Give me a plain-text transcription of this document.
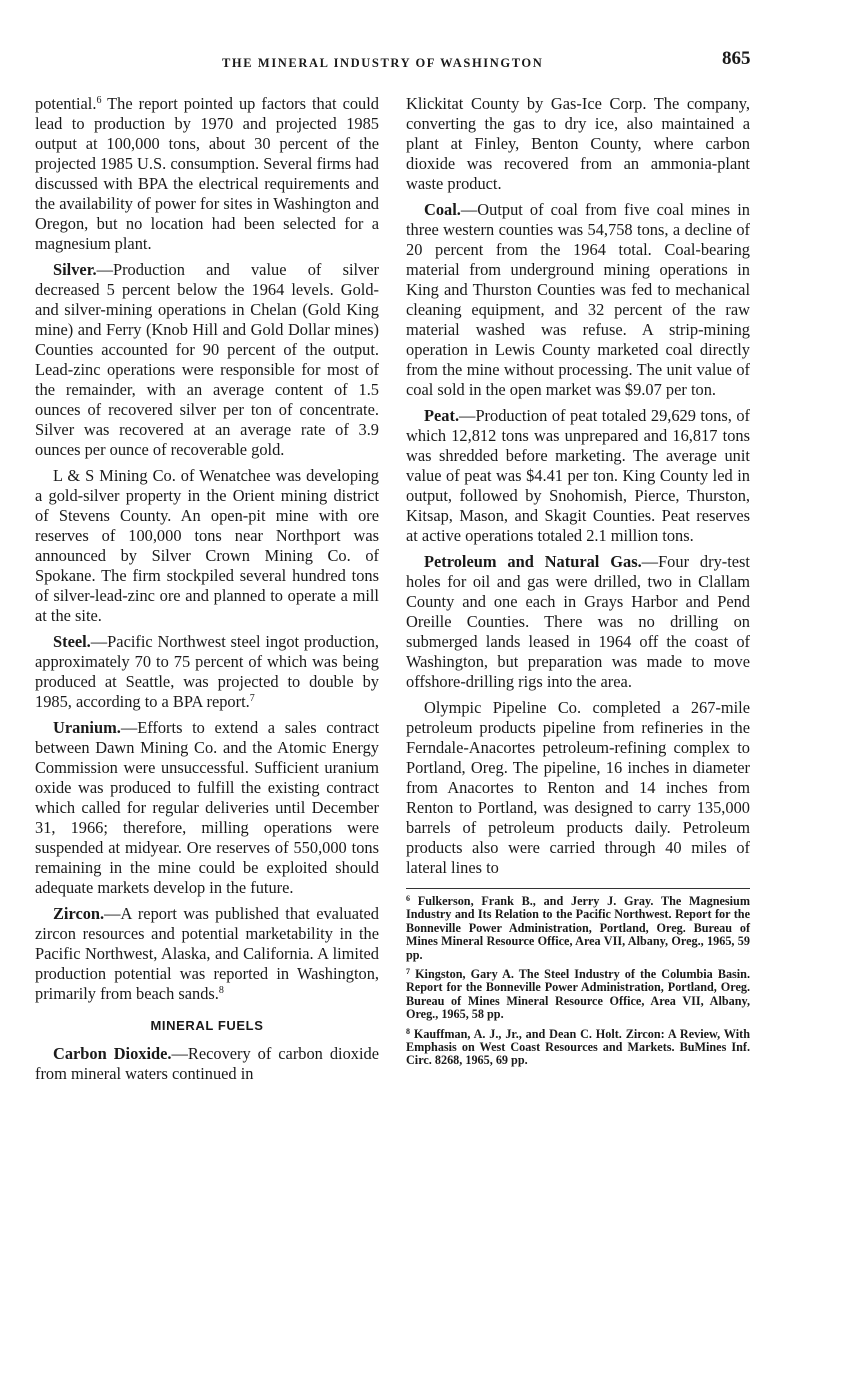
THE MINERAL INDUSTRY OF WASHINGTON	865

potential.$^6$ The report pointed up factors that could lead to production by 1970 and projected 1985 output at 100,000 tons, about 30 percent of the projected 1985 U.S. consumption. Several firms had discussed with BPA the electrical requirements and the availability of power for sites in Washington and Oregon, but no location had been selected for a magnesium plant.

Silver.—Production and value of silver decreased 5 percent below the 1964 levels. Gold- and silver-mining operations in Chelan (Gold King mine) and Ferry (Knob Hill and Gold Dollar mines) Counties accounted for 90 percent of the output. Lead-zinc operations were responsible for most of the remainder, with an average content of 1.5 ounces of recovered silver per ton of concentrate. Silver was recovered at an average rate of 3.9 ounces per ounce of recoverable gold.

L & S Mining Co. of Wenatchee was developing a gold-silver property in the Orient mining district of Stevens County. An open-pit mine with ore reserves of 100,000 tons near Northport was announced by Silver Crown Mining Co. of Spokane. The firm stockpiled several hundred tons of silver-lead-zinc ore and planned to operate a mill at the site.

Steel.—Pacific Northwest steel ingot production, approximately 70 to 75 percent of which was being produced at Seattle, was projected to double by 1985, according to a BPA report.$^7$

Uranium.—Efforts to extend a sales contract between Dawn Mining Co. and the Atomic Energy Commission were unsuccessful. Sufficient uranium oxide was produced to fulfill the existing contract which called for regular deliveries until December 31, 1966; therefore, milling operations were suspended at midyear. Ore reserves of 550,000 tons remaining in the mine could be exploited should adequate markets develop in the future.

Zircon.—A report was published that evaluated zircon resources and potential marketability in the Pacific Northwest, Alaska, and California. A limited production potential was reported in Washington, primarily from beach sands.$^8$

MINERAL FUELS

Carbon Dioxide.—Recovery of carbon dioxide from mineral waters continued in

Klickitat County by Gas-Ice Corp. The company, converting the gas to dry ice, also maintained a plant at Finley, Benton County, where carbon dioxide was recovered from an ammonia-plant waste product.

Coal.—Output of coal from five coal mines in three western counties was 54,758 tons, a decline of 20 percent from the 1964 total. Coal-bearing material from underground mining operations in King and Thurston Counties was fed to mechanical cleaning equipment, and 32 percent of the raw material washed was refuse. A strip-mining operation in Lewis County marketed coal directly from the mine without processing. The unit value of coal sold in the open market was $9.07 per ton.

Peat.—Production of peat totaled 29,629 tons, of which 12,812 tons was unprepared and 16,817 tons was shredded before marketing. The average unit value of peat was $4.41 per ton. King County led in output, followed by Snohomish, Pierce, Thurston, Kitsap, Mason, and Skagit Counties. Peat reserves at active operations totaled 2.1 million tons.

Petroleum and Natural Gas.—Four dry-test holes for oil and gas were drilled, two in Clallam County and one each in Grays Harbor and Pend Oreille Counties. There was no drilling on submerged lands leased in 1964 off the coast of Washington, but preparation was made to move offshore-drilling rigs into the area.

Olympic Pipeline Co. completed a 267-mile petroleum products pipeline from refineries in the Ferndale-Anacortes petroleum-refining complex to Portland, Oreg. The pipeline, 16 inches in diameter from Anacortes to Renton and 14 inches from Renton to Portland, was designed to carry 135,000 barrels of petroleum products daily. Petroleum products also were carried through 40 miles of lateral lines to

$^6$ Fulkerson, Frank B., and Jerry J. Gray. The Magnesium Industry and Its Relation to the Pacific Northwest. Report for the Bonneville Power Administration, Portland, Oreg. Bureau of Mines Mineral Resource Office, Area VII, Albany, Oreg., 1965, 59 pp.

$^7$ Kingston, Gary A. The Steel Industry of the Columbia Basin. Report for the Bonneville Power Administration, Portland, Oreg. Bureau of Mines Mineral Resource Office, Area VII, Albany, Oreg., 1965, 58 pp.

$^8$ Kauffman, A. J., Jr., and Dean C. Holt. Zircon: A Review, With Emphasis on West Coast Resources and Markets. BuMines Inf. Circ. 8268, 1965, 69 pp.
